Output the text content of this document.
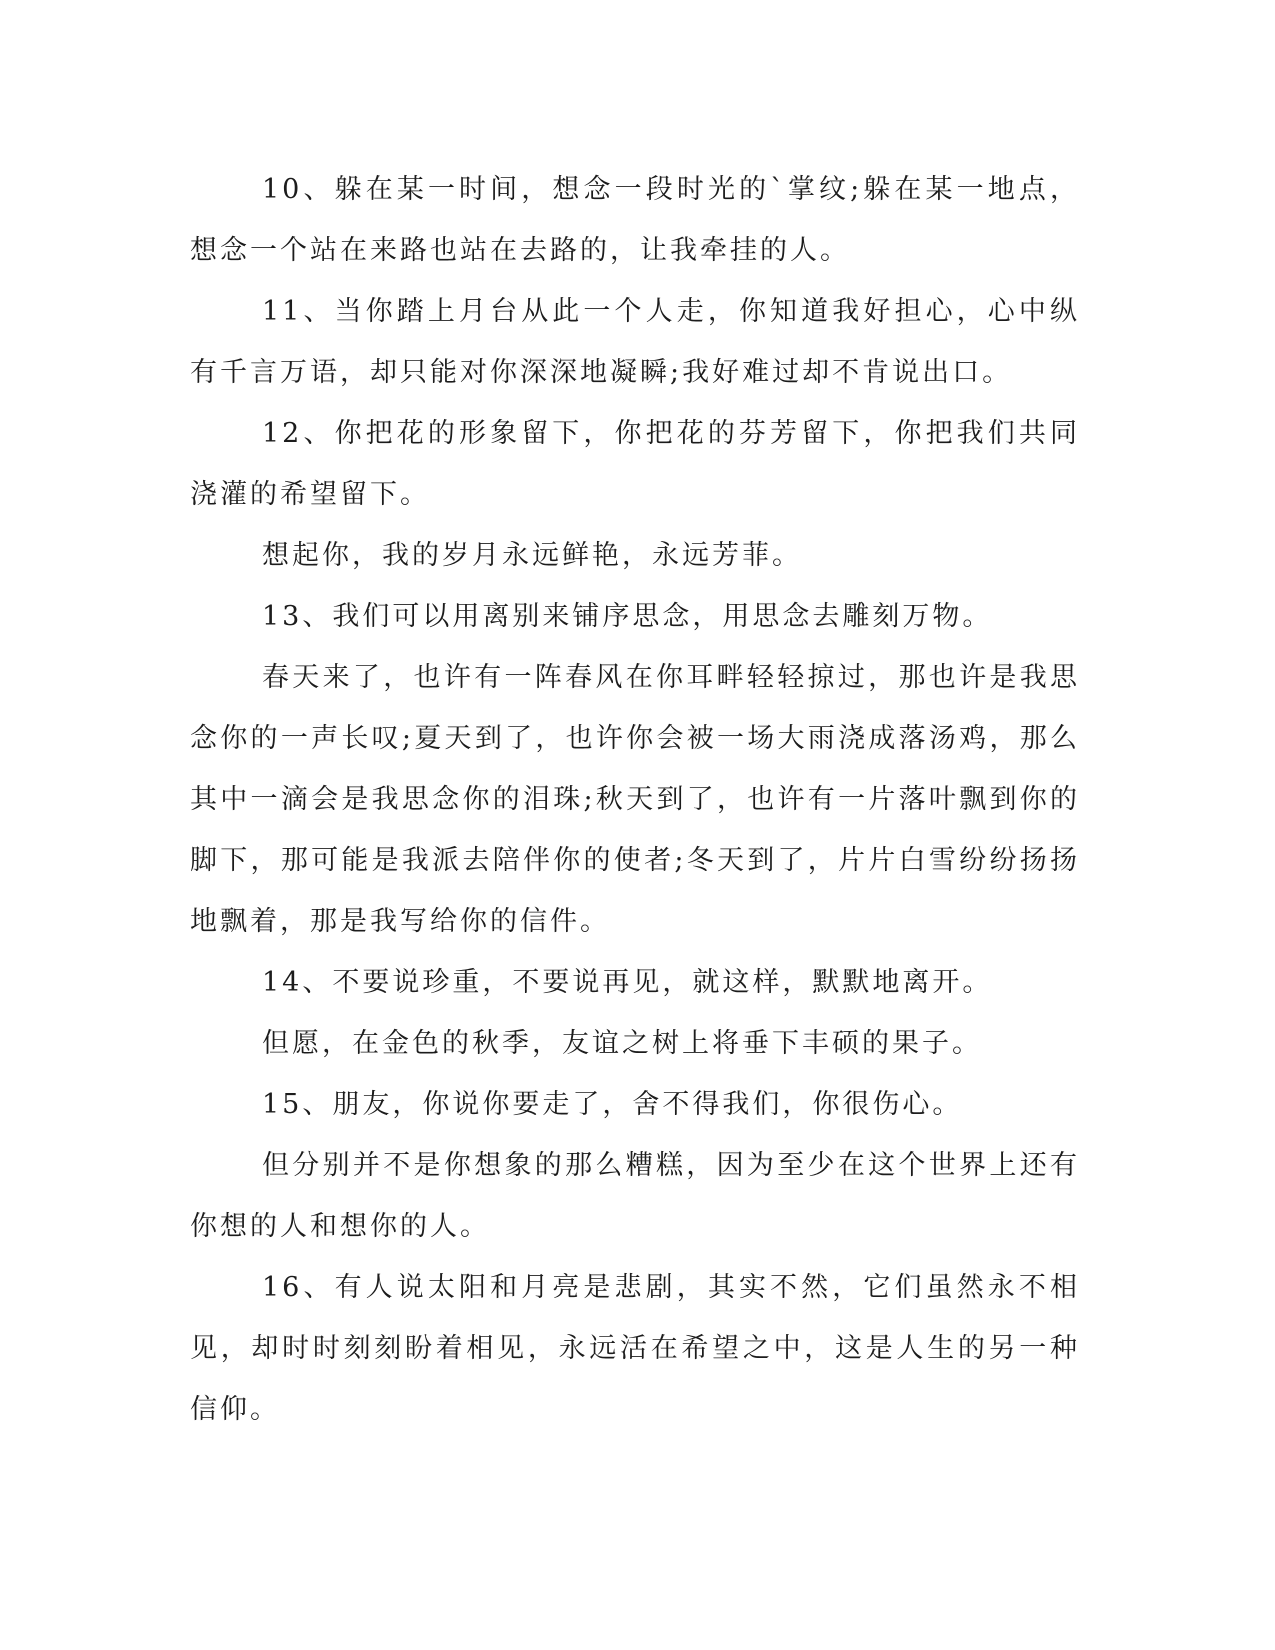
10、躲在某一时间，想念一段时光的`掌纹;躲在某一地点，想念一个站在来路也站在去路的，让我牵挂的人。

11、当你踏上月台从此一个人走，你知道我好担心，心中纵有千言万语，却只能对你深深地凝瞬;我好难过却不肯说出口。

12、你把花的形象留下，你把花的芬芳留下，你把我们共同浇灌的希望留下。

想起你，我的岁月永远鲜艳，永远芳菲。

13、我们可以用离别来铺序思念，用思念去雕刻万物。

春天来了，也许有一阵春风在你耳畔轻轻掠过，那也许是我思念你的一声长叹;夏天到了，也许你会被一场大雨浇成落汤鸡，那么其中一滴会是我思念你的泪珠;秋天到了，也许有一片落叶飘到你的脚下，那可能是我派去陪伴你的使者;冬天到了，片片白雪纷纷扬扬地飘着，那是我写给你的信件。

14、不要说珍重，不要说再见，就这样，默默地离开。

但愿，在金色的秋季，友谊之树上将垂下丰硕的果子。

15、朋友，你说你要走了，舍不得我们，你很伤心。

但分别并不是你想象的那么糟糕，因为至少在这个世界上还有你想的人和想你的人。

16、有人说太阳和月亮是悲剧，其实不然，它们虽然永不相见，却时时刻刻盼着相见，永远活在希望之中，这是人生的另一种信仰。
